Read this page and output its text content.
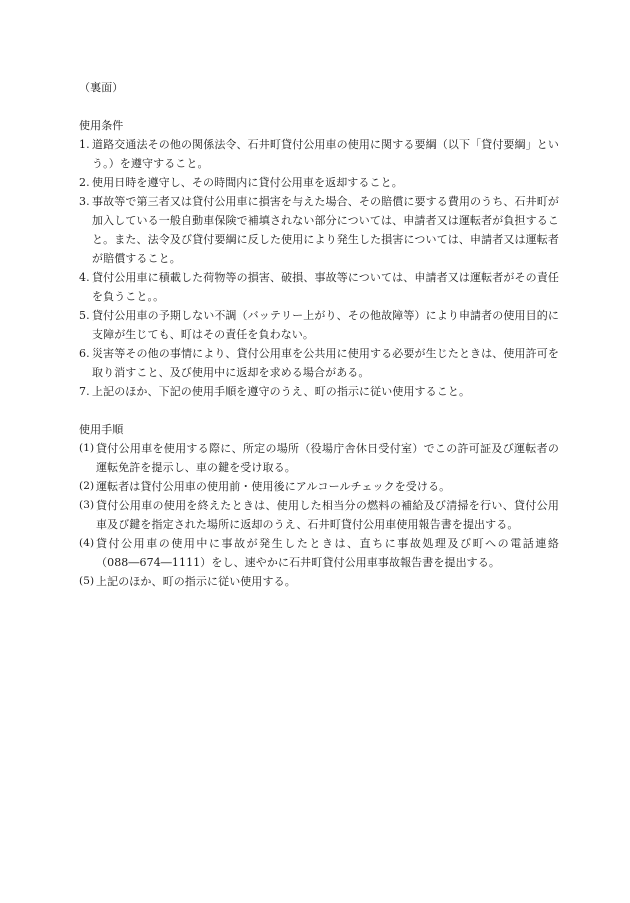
（裏面）
使用条件
1. 道路交通法その他の関係法令、石井町貸付公用車の使用に関する要綱（以下「貸付要綱」という。）を遵守すること。
2. 使用日時を遵守し、その時間内に貸付公用車を返却すること。
3. 事故等で第三者又は貸付公用車に損害を与えた場合、その賠償に要する費用のうち、石井町が加入している一般自動車保険で補填されない部分については、申請者又は運転者が負担すること。また、法令及び貸付要綱に反した使用により発生した損害については、申請者又は運転者が賠償すること。
4. 貸付公用車に積載した荷物等の損害、破損、事故等については、申請者又は運転者がその責任を負うこと。。
5. 貸付公用車の予期しない不調（バッテリー上がり、その他故障等）により申請者の使用目的に支障が生じても、町はその責任を負わない。
6. 災害等その他の事情により、貸付公用車を公共用に使用する必要が生じたときは、使用許可を取り消すこと、及び使用中に返却を求める場合がある。
7. 上記のほか、下記の使用手順を遵守のうえ、町の指示に従い使用すること。
使用手順
(1) 貸付公用車を使用する際に、所定の場所（役場庁舎休日受付室）でこの許可証及び運転者の運転免許を提示し、車の鍵を受け取る。
(2) 運転者は貸付公用車の使用前・使用後にアルコールチェックを受ける。
(3) 貸付公用車の使用を終えたときは、使用した相当分の燃料の補給及び清掃を行い、貸付公用車及び鍵を指定された場所に返却のうえ、石井町貸付公用車使用報告書を提出する。
(4) 貸付公用車の使用中に事故が発生したときは、直ちに事故処理及び町への電話連絡（088―674―1111）をし、速やかに石井町貸付公用車事故報告書を提出する。
(5) 上記のほか、町の指示に従い使用する。
